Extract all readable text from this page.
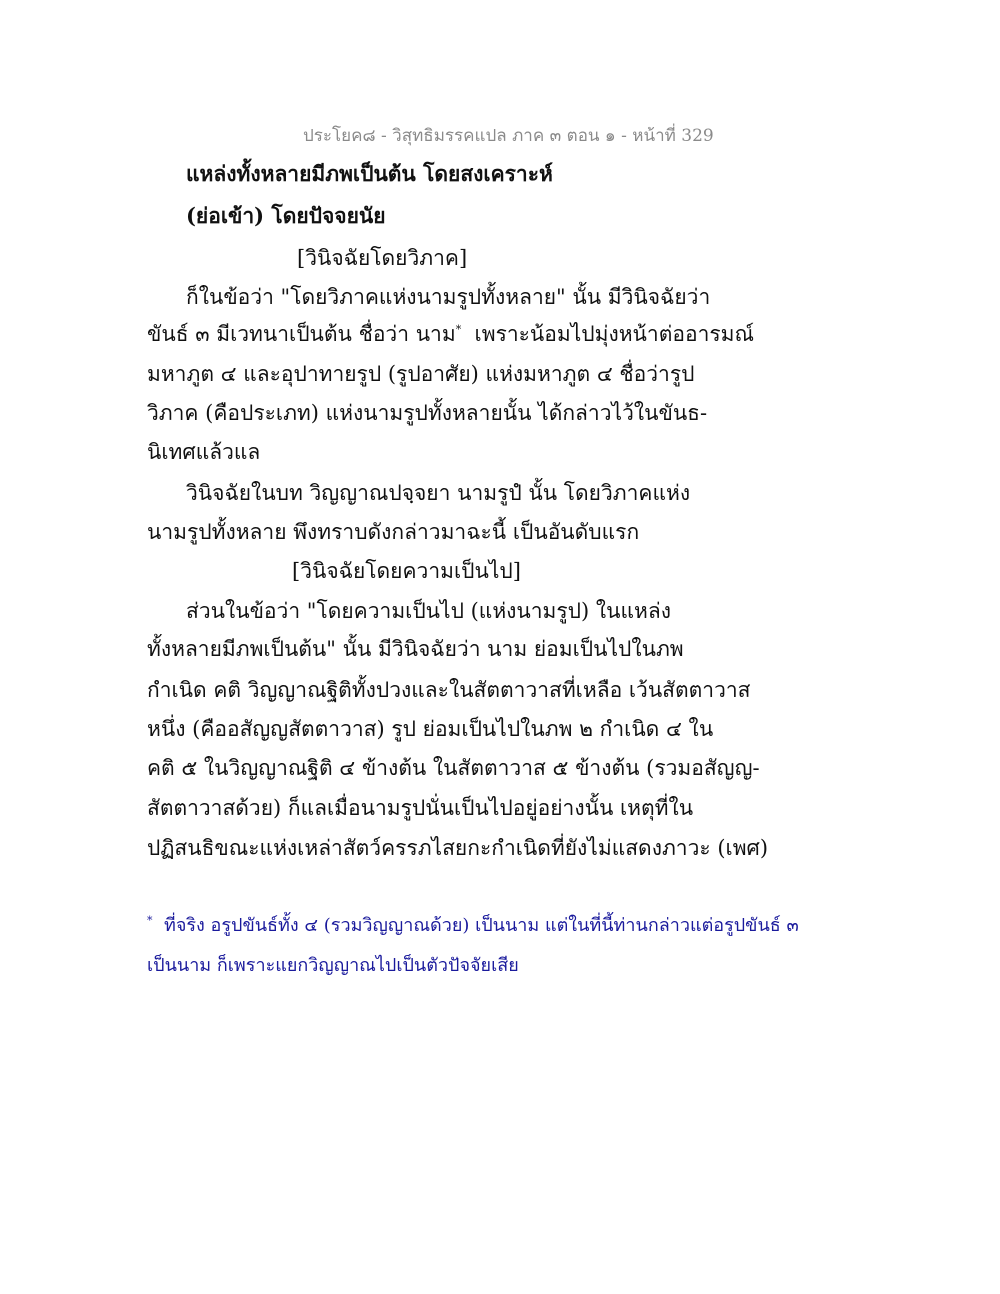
ประโยค๘ - วิสุทธิมรรคแปล ภาค ๓ ตอน ๑ - หน้าที่ 329
แหล่งทั้งหลายมีภพเป็นต้น โดยสงเคราะห์
(ย่อเข้า) โดยปัจจยนัย
[วินิจฉัยโดยวิภาค]
ก็ในข้อว่า "โดยวิภาคแห่งนามรูปทั้งหลาย" นั้น มีวินิจฉัยว่า
ขันธ์ ๓ มีเวทนาเป็นต้น ชื่อว่า นาม* เพราะน้อมไปมุ่งหน้าต่ออารมณ์
มหาภูต ๔ และอุปาทายรูป (รูปอาศัย) แห่งมหาภูต ๔ ชื่อว่ารูป
วิภาค (คือประเภท) แห่งนามรูปทั้งหลายนั้น ได้กล่าวไว้ในขันธ-
นิเทศแล้วแล
วินิจฉัยในบท วิญญาณปจฺจยา นามรูปํ นั้น โดยวิภาคแห่ง
นามรูปทั้งหลาย พึงทราบดังกล่าวมาฉะนี้ เป็นอันดับแรก
[วินิจฉัยโดยความเป็นไป]
ส่วนในข้อว่า "โดยความเป็นไป (แห่งนามรูป) ในแหล่ง
ทั้งหลายมีภพเป็นต้น" นั้น มีวินิจฉัยว่า นาม ย่อมเป็นไปในภพ
กำเนิด คติ วิญญาณฐิติทั้งปวงและในสัตตาวาสที่เหลือ เว้นสัตตาวาส
หนึ่ง (คืออสัญญสัตตาวาส) รูป ย่อมเป็นไปในภพ ๒ กำเนิด ๔ ใน
คติ ๕ ในวิญญาณฐิติ ๔ ข้างต้น ในสัตตาวาส ๕ ข้างต้น (รวมอสัญญ-
สัตตาวาสด้วย) ก็แลเมื่อนามรูปนั่นเป็นไปอยู่อย่างนั้น เหตุที่ใน
ปฏิสนธิขณะแห่งเหล่าสัตว์ครรภไสยกะกำเนิดที่ยังไม่แสดงภาวะ (เพศ)
* ที่จริง อรูปขันธ์ทั้ง ๔ (รวมวิญญาณด้วย) เป็นนาม แต่ในที่นี้ท่านกล่าวแต่อรูปขันธ์ ๓
เป็นนาม ก็เพราะแยกวิญญาณไปเป็นตัวปัจจัยเสีย
